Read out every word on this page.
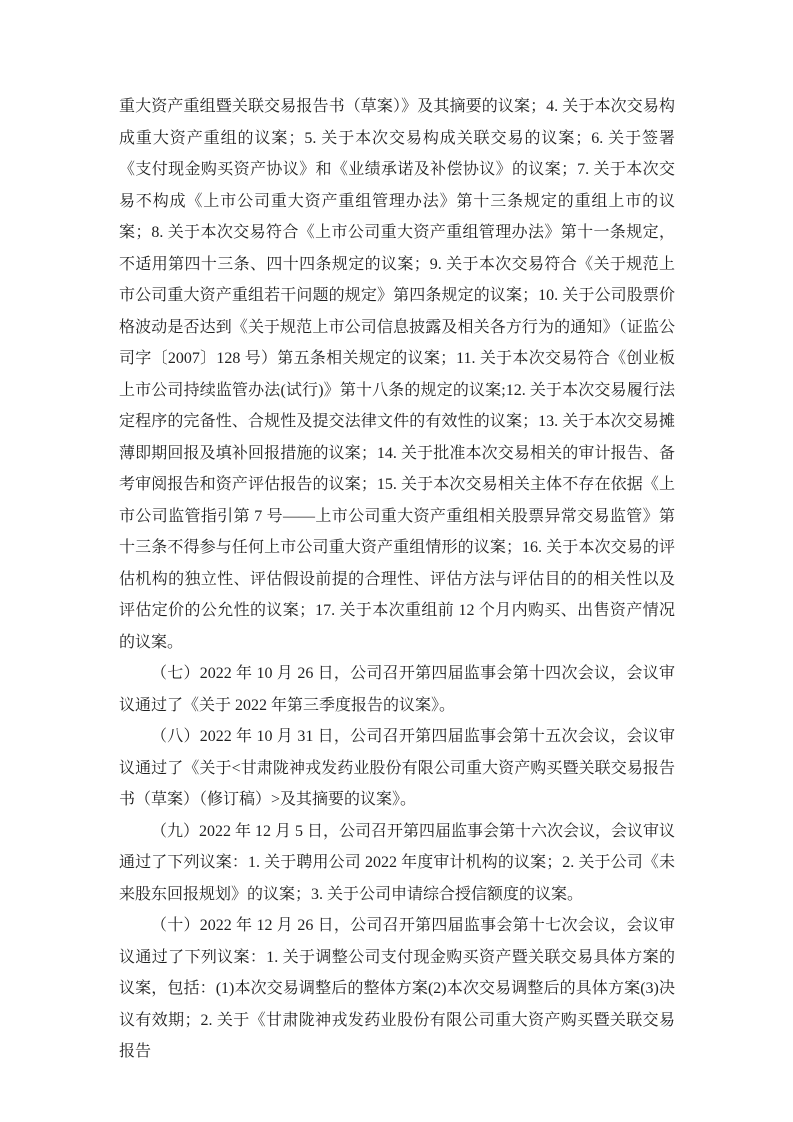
重大资产重组暨关联交易报告书（草案）》及其摘要的议案；4. 关于本次交易构成重大资产重组的议案；5. 关于本次交易构成关联交易的议案；6. 关于签署《支付现金购买资产协议》和《业绩承诺及补偿协议》的议案；7. 关于本次交易不构成《上市公司重大资产重组管理办法》第十三条规定的重组上市的议案；8. 关于本次交易符合《上市公司重大资产重组管理办法》第十一条规定，不适用第四十三条、四十四条规定的议案；9. 关于本次交易符合《关于规范上市公司重大资产重组若干问题的规定》第四条规定的议案；10. 关于公司股票价格波动是否达到《关于规范上市公司信息披露及相关各方行为的通知》（证监公司字〔2007〕128 号）第五条相关规定的议案；11. 关于本次交易符合《创业板上市公司持续监管办法(试行)》第十八条的规定的议案;12. 关于本次交易履行法定程序的完备性、合规性及提交法律文件的有效性的议案；13. 关于本次交易摊薄即期回报及填补回报措施的议案；14. 关于批准本次交易相关的审计报告、备考审阅报告和资产评估报告的议案；15. 关于本次交易相关主体不存在依据《上市公司监管指引第 7 号——上市公司重大资产重组相关股票异常交易监管》第十三条不得参与任何上市公司重大资产重组情形的议案；16. 关于本次交易的评估机构的独立性、评估假设前提的合理性、评估方法与评估目的的相关性以及评估定价的公允性的议案；17. 关于本次重组前 12 个月内购买、出售资产情况的议案。

（七）2022 年 10 月 26 日，公司召开第四届监事会第十四次会议，会议审议通过了《关于 2022 年第三季度报告的议案》。

（八）2022 年 10 月 31 日，公司召开第四届监事会第十五次会议，会议审议通过了《关于<甘肃陇神戎发药业股份有限公司重大资产购买暨关联交易报告书（草案）（修订稿）>及其摘要的议案》。

（九）2022 年 12 月 5 日，公司召开第四届监事会第十六次会议，会议审议通过了下列议案：1. 关于聘用公司 2022 年度审计机构的议案；2. 关于公司《未来股东回报规划》的议案；3. 关于公司申请综合授信额度的议案。

（十）2022 年 12 月 26 日，公司召开第四届监事会第十七次会议，会议审议通过了下列议案：1. 关于调整公司支付现金购买资产暨关联交易具体方案的议案，包括：(1)本次交易调整后的整体方案(2)本次交易调整后的具体方案(3)决议有效期；2. 关于《甘肃陇神戎发药业股份有限公司重大资产购买暨关联交易报告
